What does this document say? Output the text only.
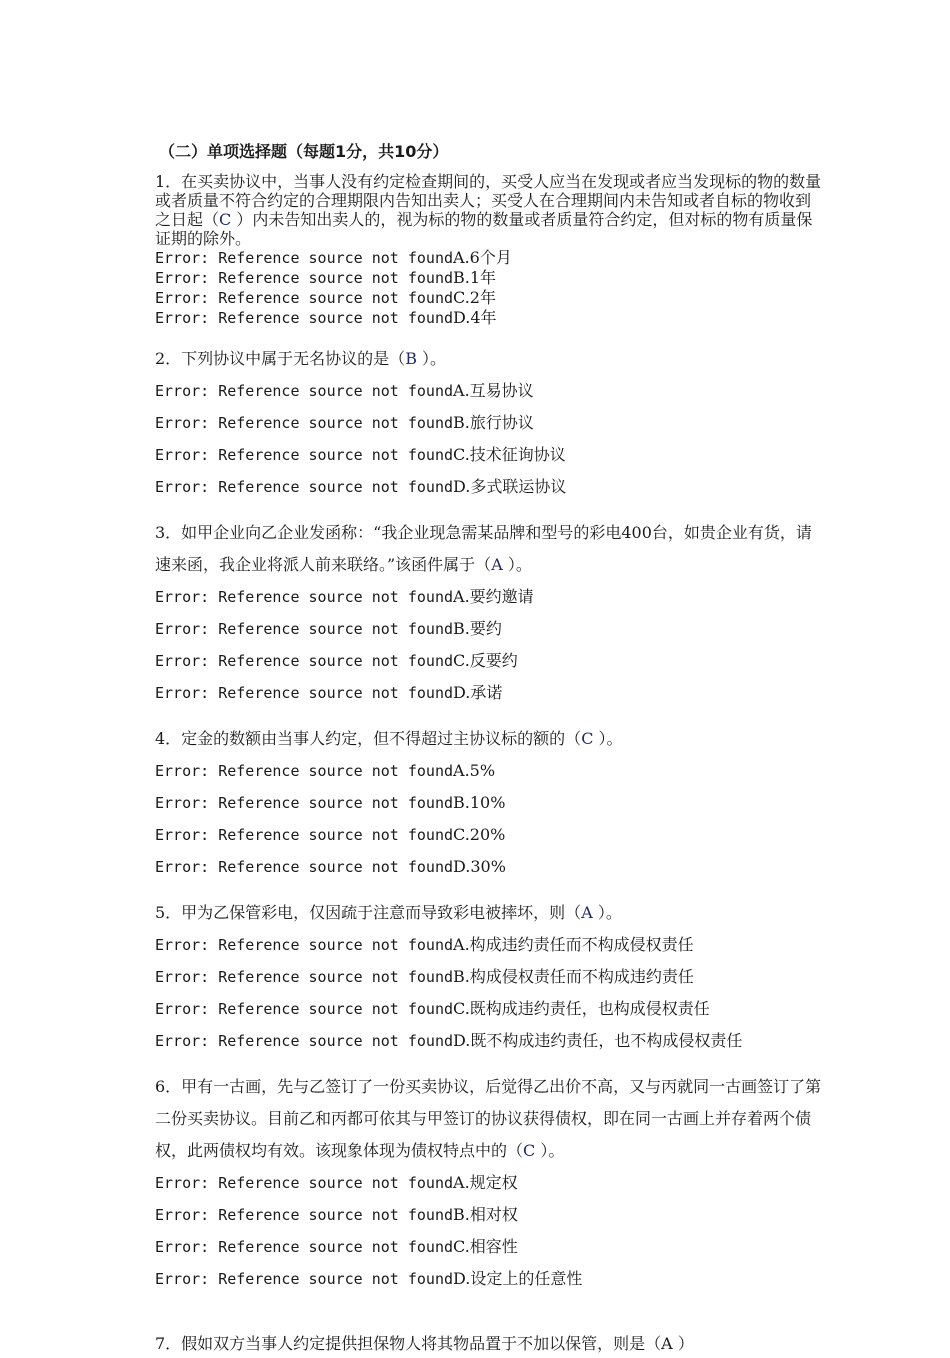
（二）单项选择题（每题1分，共10分）

1．在买卖协议中，当事人没有约定检查期间的，买受人应当在发现或者应当发现标的物的数量或者质量不符合约定的合理期限内告知出卖人；买受人在合理期间内未告知或者自标的物收到之日起（C ）内未告知出卖人的，视为标的物的数量或者质量符合约定，但对标的物有质量保证期的除外。

Error: Reference source not foundA.6个月

Error: Reference source not foundB.1年

Error: Reference source not foundC.2年

Error: Reference source not foundD.4年

2．下列协议中属于无名协议的是（B ）。

Error: Reference source not foundA.互易协议

Error: Reference source not foundB.旅行协议

Error: Reference source not foundC.技术征询协议

Error: Reference source not foundD.多式联运协议

3．如甲企业向乙企业发函称：“我企业现急需某品牌和型号的彩电400台，如贵企业有货，请速来函，我企业将派人前来联络。”该函件属于（A ）。

Error: Reference source not foundA.要约邀请

Error: Reference source not foundB.要约

Error: Reference source not foundC.反要约

Error: Reference source not foundD.承诺

4．定金的数额由当事人约定，但不得超过主协议标的额的（C ）。

Error: Reference source not foundA.5%

Error: Reference source not foundB.10%

Error: Reference source not foundC.20%

Error: Reference source not foundD.30%

5．甲为乙保管彩电，仅因疏于注意而导致彩电被摔坏，则（A ）。

Error: Reference source not foundA.构成违约责任而不构成侵权责任

Error: Reference source not foundB.构成侵权责任而不构成违约责任

Error: Reference source not foundC.既构成违约责任，也构成侵权责任

Error: Reference source not foundD.既不构成违约责任，也不构成侵权责任

6．甲有一古画，先与乙签订了一份买卖协议，后觉得乙出价不高，又与丙就同一古画签订了第二份买卖协议。目前乙和丙都可依其与甲签订的协议获得债权，即在同一古画上并存着两个债权，此两债权均有效。该现象体现为债权特点中的（C ）。

Error: Reference source not foundA.规定权

Error: Reference source not foundB.相对权

Error: Reference source not foundC.相容性

Error: Reference source not foundD.设定上的任意性

7．假如双方当事人约定提供担保物人将其物品置于不加以保管，则是（A ）
